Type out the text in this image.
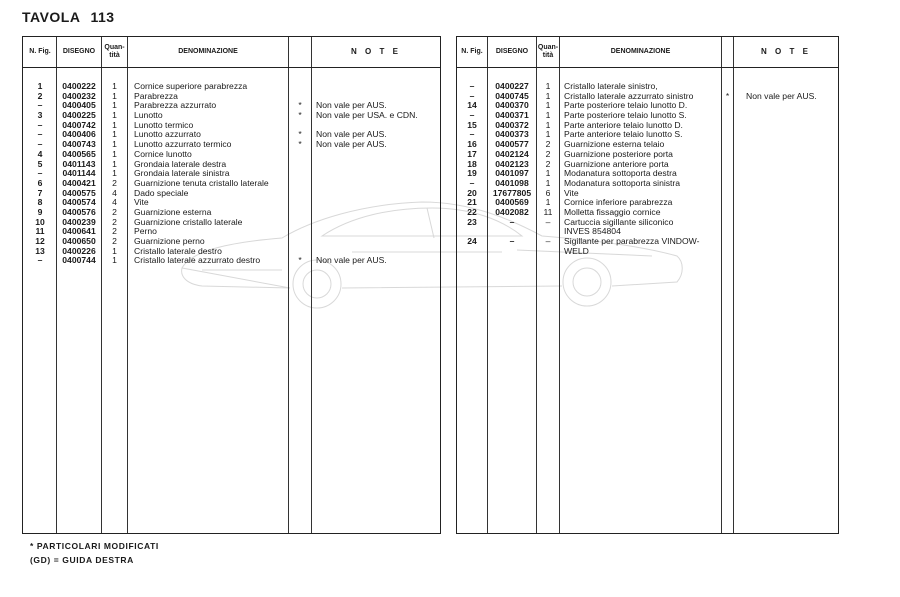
TAVOLA 113
N. Fig.	DISEGNO
Quan-tità
DENOMINAZIONE	N O T E
1	0400222	1	Cornice superiore parabrezza
2	0400232	1	Parabrezza
–	0400405	1	Parabrezza azzurrato	*	Non vale per AUS.
3	0400225	1	Lunotto	*	Non vale per USA. e CDN.
–	0400742	1	Lunotto termico
–	0400406	1	Lunotto azzurrato	*	Non vale per AUS.
–	0400743	1	Lunotto azzurrato termico	*	Non vale per AUS.
4	0400565	1	Cornice lunotto
5	0401143	1	Grondaia laterale destra
–	0401144	1	Grondaia laterale sinistra
6	0400421	2	Guarnizione tenuta cristallo laterale
7	0400575	4	Dado speciale
8	0400574	4	Vite
9	0400576	2	Guarnizione esterna
10	0400239	2	Guarnizione cristallo laterale
11	0400641	2	Perno
12	0400650	2	Guarnizione perno
13	0400226	1	Cristallo laterale destro
–	0400744	1	Cristallo laterale azzurrato destro	*	Non vale per AUS.
N. Fig.	DISEGNO
Quan-tità
DENOMINAZIONE	N O T E
–	0400227	1	Cristallo laterale sinistro,
–	0400745	1	Cristallo laterale azzurrato sinistro	*	Non vale per AUS.
14	0400370	1	Parte posteriore telaio lunotto D.
–	0400371	1	Parte posteriore telaio lunotto S.
15	0400372	1	Parte anteriore telaio lunotto D.
–	0400373	1	Parte anteriore telaio lunotto S.
16	0400577	2	Guarnizione esterna telaio
17	0402124	2	Guarnizione posteriore porta
18	0402123	2	Guarnizione anteriore porta
19	0401097	1	Modanatura sottoporta destra
–	0401098	1	Modanatura sottoporta sinistra
20	17677805	6	Vite
21	0400569	1	Cornice inferiore parabrezza
22	0402082	11	Molletta fissaggio cornice
23	–	–	Cartuccia sigillante siliconico
INVES 854804
24	–	–	Sigillante per parabrezza VINDOW-
WELD
* PARTICOLARI MODIFICATI
(GD) = GUIDA DESTRA
